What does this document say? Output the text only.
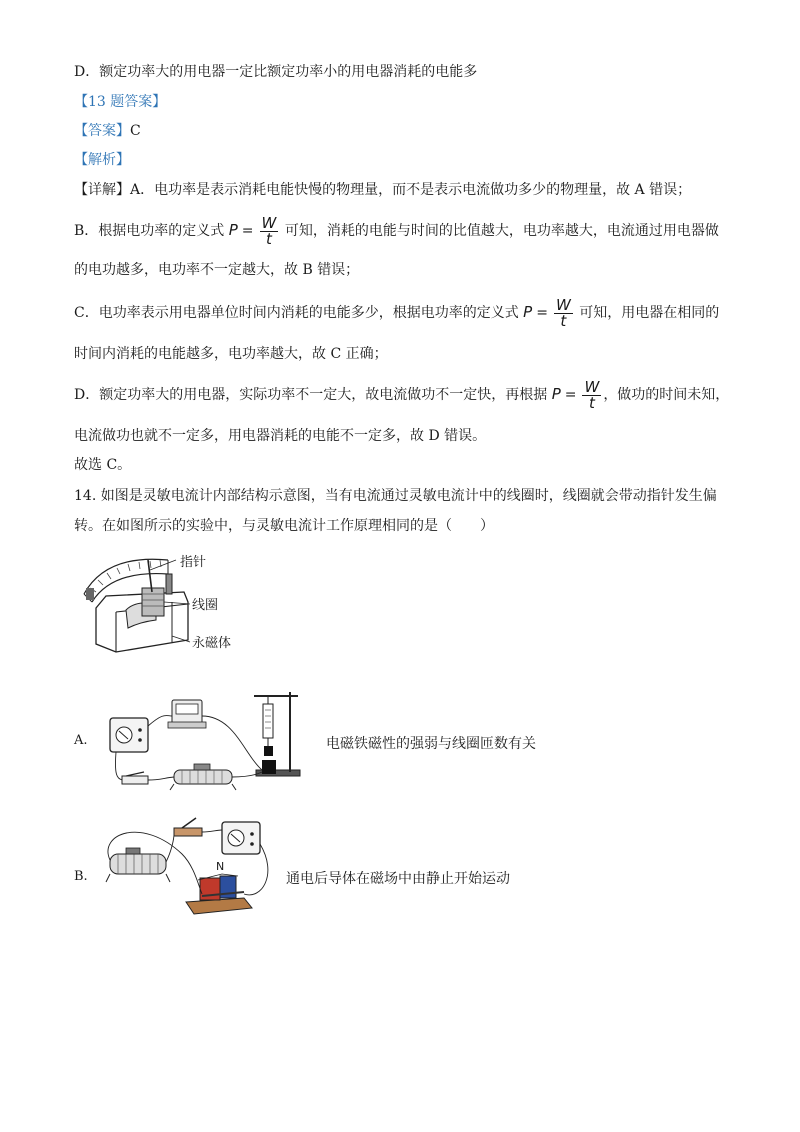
D．额定功率大的用电器一定比额定功率小的用电器消耗的电能多
【13 题答案】
【答案】C
【解析】
【详解】A．电功率是表示消耗电能快慢的物理量，而不是表示电流做功多少的物理量，故 A 错误；
B．根据电功率的定义式 $P = \frac{W}{t}$ 可知，消耗的电能与时间的比值越大，电功率越大，电流通过用电器做
的电功越多，电功率不一定越大，故 B 错误；
C．电功率表示用电器单位时间内消耗的电能多少，根据电功率的定义式 $P = \frac{W}{t}$ 可知，用电器在相同的
时间内消耗的电能越多，电功率越大，故 C 正确；
D．额定功率大的用电器，实际功率不一定大，故电流做功不一定快，再根据 $P = \frac{W}{t}$ ，做功的时间未知，
电流做功也就不一定多，用电器消耗的电能不一定多，故 D 错误。
故选 C。
14. 如图是灵敏电流计内部结构示意图，当有电流通过灵敏电流计中的线圈时，线圈就会带动指针发生偏
转。在如图所示的实验中，与灵敏电流计工作原理相同的是（　　）
指针
线圈
永磁体
A.	电磁铁磁性的强弱与线圈匝数有关
B.
N
通电后导体在磁场中由静止开始运动
